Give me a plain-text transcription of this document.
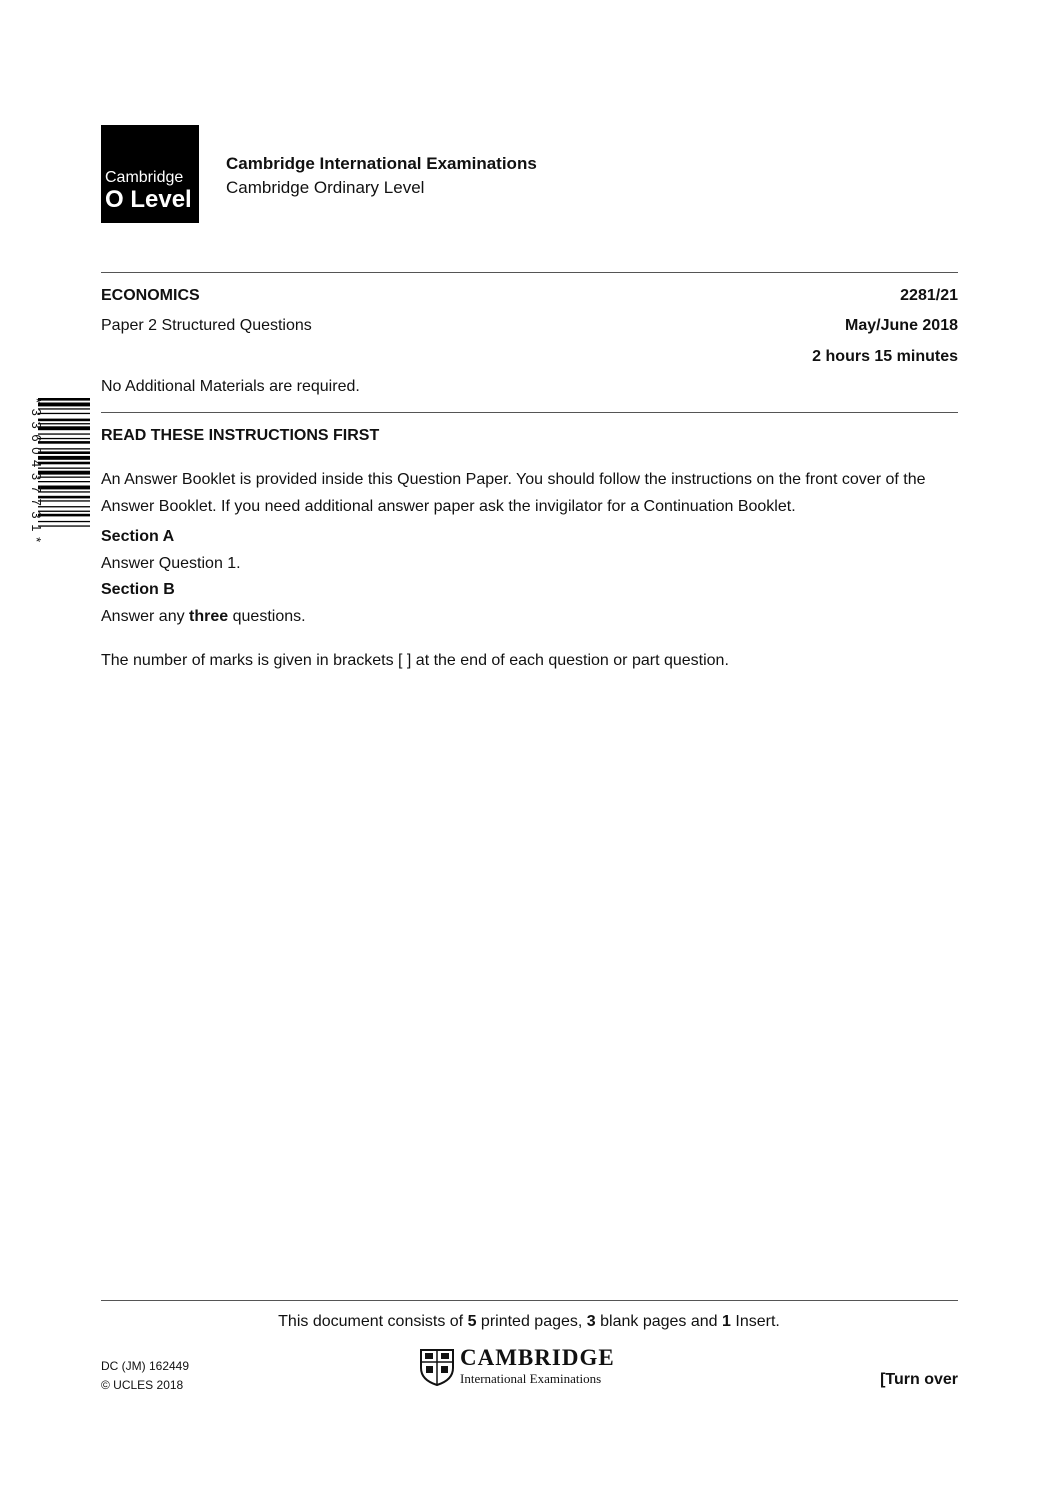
Cambridge
O Level
Cambridge International Examinations
Cambridge Ordinary Level
ECONOMICS	2281/21
Paper 2 Structured Questions	May/June 2018
2 hours 15 minutes
No Additional Materials are required.
* 3 3 6 0 4 3 7 7 3 1 *	READ THESE INSTRUCTIONS FIRST
An Answer Booklet is provided inside this Question Paper. You should follow the instructions on the front cover of the Answer Booklet. If you need additional answer paper ask the invigilator for a Continuation Booklet.
Section A
Answer Question 1.
Section B
Answer any three questions.
The number of marks is given in brackets [ ] at the end of each question or part question.
This document consists of 5 printed pages, 3 blank pages and 1 Insert.
DC (JM) 162449
© UCLES 2018
CAMBRIDGE
International Examinations	[Turn over
